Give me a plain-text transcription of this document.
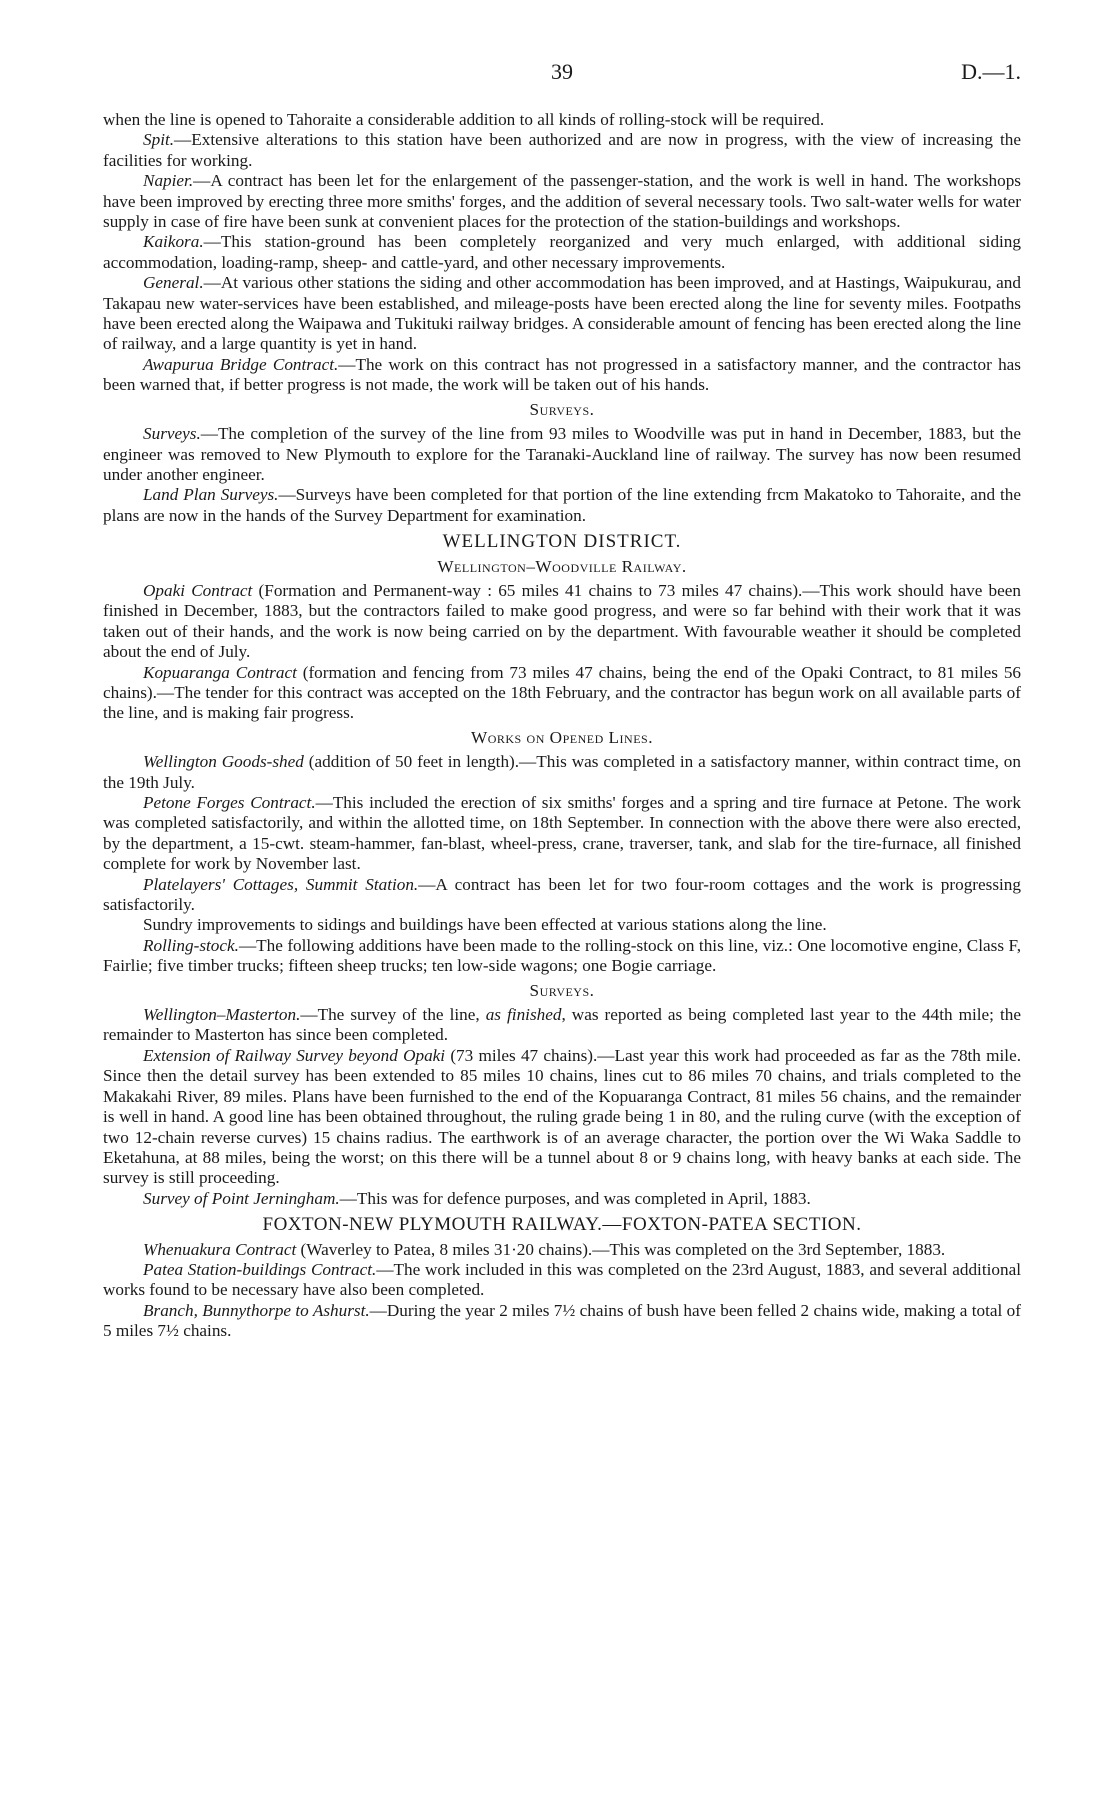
39	D.—1.

when the line is opened to Tahoraite a considerable addition to all kinds of rolling-stock will be required.

Spit.—Extensive alterations to this station have been authorized and are now in progress, with the view of increasing the facilities for working.

Napier.—A contract has been let for the enlargement of the passenger-station, and the work is well in hand. The workshops have been improved by erecting three more smiths' forges, and the addition of several necessary tools. Two salt-water wells for water supply in case of fire have been sunk at convenient places for the protection of the station-buildings and workshops.

Kaikora.—This station-ground has been completely reorganized and very much enlarged, with additional siding accommodation, loading-ramp, sheep- and cattle-yard, and other necessary improvements.

General.—At various other stations the siding and other accommodation has been improved, and at Hastings, Waipukurau, and Takapau new water-services have been established, and mileage-posts have been erected along the line for seventy miles. Footpaths have been erected along the Waipawa and Tukituki railway bridges. A considerable amount of fencing has been erected along the line of railway, and a large quantity is yet in hand.

Awapurua Bridge Contract.—The work on this contract has not progressed in a satisfactory manner, and the contractor has been warned that, if better progress is not made, the work will be taken out of his hands.

Surveys.

Surveys.—The completion of the survey of the line from 93 miles to Woodville was put in hand in December, 1883, but the engineer was removed to New Plymouth to explore for the Taranaki-Auckland line of railway. The survey has now been resumed under another engineer.

Land Plan Surveys.—Surveys have been completed for that portion of the line extending frcm Makatoko to Tahoraite, and the plans are now in the hands of the Survey Department for examination.

WELLINGTON DISTRICT.
Wellington–Woodville Railway.

Opaki Contract (Formation and Permanent-way : 65 miles 41 chains to 73 miles 47 chains).—This work should have been finished in December, 1883, but the contractors failed to make good progress, and were so far behind with their work that it was taken out of their hands, and the work is now being carried on by the department. With favourable weather it should be completed about the end of July.

Kopuaranga Contract (formation and fencing from 73 miles 47 chains, being the end of the Opaki Contract, to 81 miles 56 chains).—The tender for this contract was accepted on the 18th February, and the contractor has begun work on all available parts of the line, and is making fair progress.

Works on Opened Lines.

Wellington Goods-shed (addition of 50 feet in length).—This was completed in a satisfactory manner, within contract time, on the 19th July.

Petone Forges Contract.—This included the erection of six smiths' forges and a spring and tire furnace at Petone. The work was completed satisfactorily, and within the allotted time, on 18th September. In connection with the above there were also erected, by the department, a 15-cwt. steam-hammer, fan-blast, wheel-press, crane, traverser, tank, and slab for the tire-furnace, all finished complete for work by November last.

Platelayers' Cottages, Summit Station.—A contract has been let for two four-room cottages and the work is progressing satisfactorily.

Sundry improvements to sidings and buildings have been effected at various stations along the line.

Rolling-stock.—The following additions have been made to the rolling-stock on this line, viz.: One locomotive engine, Class F, Fairlie; five timber trucks; fifteen sheep trucks; ten low-side wagons; one Bogie carriage.

Surveys.

Wellington–Masterton.—The survey of the line, as finished, was reported as being completed last year to the 44th mile; the remainder to Masterton has since been completed.

Extension of Railway Survey beyond Opaki (73 miles 47 chains).—Last year this work had proceeded as far as the 78th mile. Since then the detail survey has been extended to 85 miles 10 chains, lines cut to 86 miles 70 chains, and trials completed to the Makakahi River, 89 miles. Plans have been furnished to the end of the Kopuaranga Contract, 81 miles 56 chains, and the remainder is well in hand. A good line has been obtained throughout, the ruling grade being 1 in 80, and the ruling curve (with the exception of two 12-chain reverse curves) 15 chains radius. The earthwork is of an average character, the portion over the Wi Waka Saddle to Eketahuna, at 88 miles, being the worst; on this there will be a tunnel about 8 or 9 chains long, with heavy banks at each side. The survey is still proceeding.

Survey of Point Jerningham.—This was for defence purposes, and was completed in April, 1883.

FOXTON-NEW PLYMOUTH RAILWAY.—FOXTON-PATEA SECTION.

Whenuakura Contract (Waverley to Patea, 8 miles 31·20 chains).—This was completed on the 3rd September, 1883.

Patea Station-buildings Contract.—The work included in this was completed on the 23rd August, 1883, and several additional works found to be necessary have also been completed.

Branch, Bunnythorpe to Ashurst.—During the year 2 miles 7½ chains of bush have been felled 2 chains wide, making a total of 5 miles 7½ chains.
